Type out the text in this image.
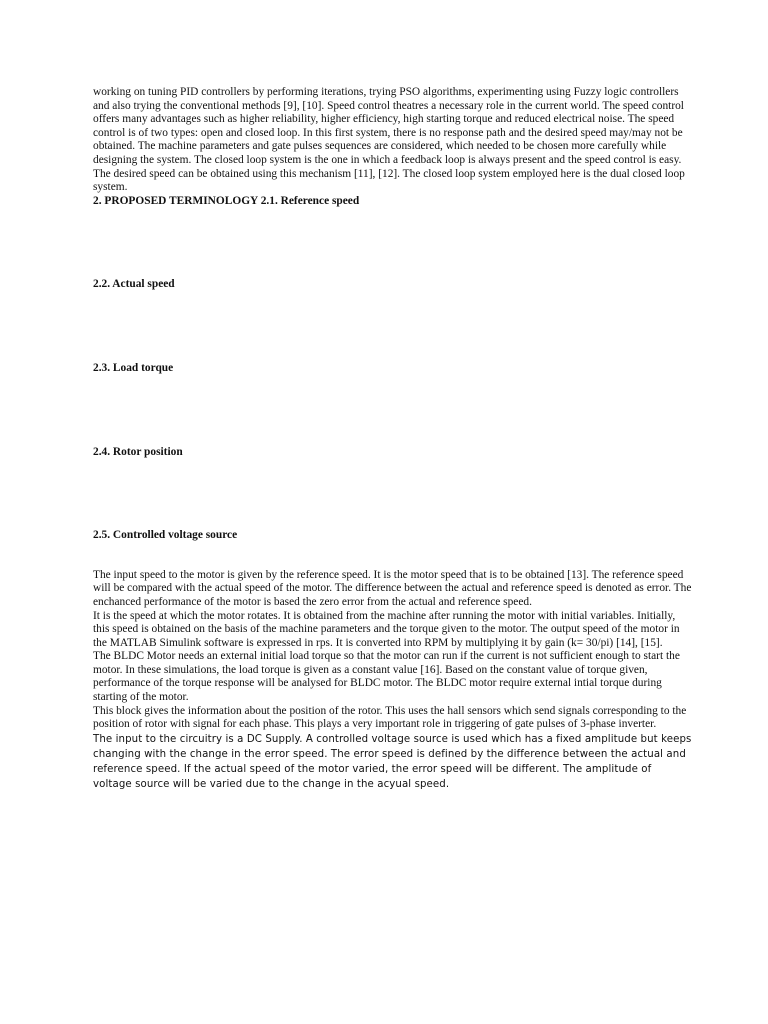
working on tuning PID controllers by performing iterations, trying PSO algorithms, experimenting using Fuzzy logic controllers and also trying the conventional methods [9], [10]. Speed control theatres a necessary role in the current world. The speed control offers many advantages such as higher reliability, higher efficiency, high starting torque and reduced electrical noise. The speed control is of two types: open and closed loop. In this first system, there is no response path and the desired speed may/may not be obtained. The machine parameters and gate pulses sequences are considered, which needed to be chosen more carefully while designing the system. The closed loop system is the one in which a feedback loop is always present and the speed control is easy. The desired speed can be obtained using this mechanism [11], [12]. The closed loop system employed here is the dual closed loop system.

2. PROPOSED TERMINOLOGY 2.1. Reference speed

2.2. Actual speed

2.3. Load torque

2.4. Rotor position

2.5. Controlled voltage source

The input speed to the motor is given by the reference speed. It is the motor speed that is to be obtained [13]. The reference speed will be compared with the actual speed of the motor. The difference between the actual and reference speed is denoted as error. The enchanced performance of the motor is based the zero error from the actual and reference speed.

It is the speed at which the motor rotates. It is obtained from the machine after running the motor with initial variables. Initially, this speed is obtained on the basis of the machine parameters and the torque given to the motor. The output speed of the motor in the MATLAB Simulink software is expressed in rps. It is converted into RPM by multiplying it by gain (k= 30/pi) [14], [15].

The BLDC Motor needs an external initial load torque so that the motor can run if the current is not sufficient enough to start the motor. In these simulations, the load torque is given as a constant value [16]. Based on the constant value of torque given, performance of the torque response will be analysed for BLDC motor. The BLDC motor require external intial torque during starting of the motor.

This block gives the information about the position of the rotor. This uses the hall sensors which send signals corresponding to the position of rotor with signal for each phase. This plays a very important role in triggering of gate pulses of 3-phase inverter.

The input to the circuitry is a DC Supply. A controlled voltage source is used which has a fixed amplitude but keeps changing with the change in the error speed. The error speed is defined by the difference between the actual and reference speed. If the actual speed of the motor varied, the error speed will be different. The amplitude of voltage source will be varied due to the change in the acyual speed.
